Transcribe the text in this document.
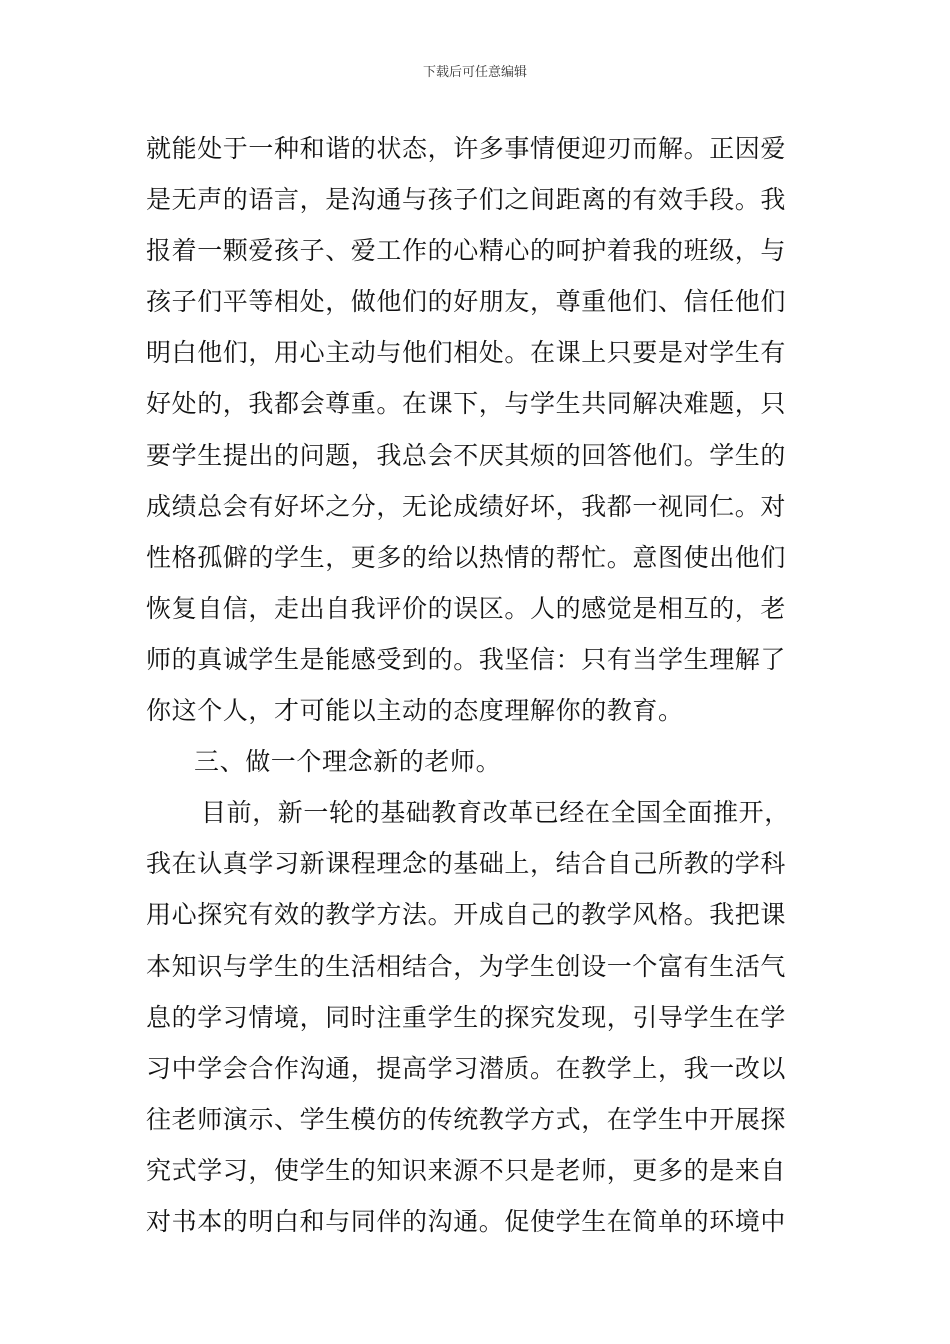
下载后可任意编辑
就能处于一种和谐的状态，许多事情便迎刃而解。正因爱
是无声的语言，是沟通与孩子们之间距离的有效手段。我
报着一颗爱孩子、爱工作的心精心的呵护着我的班级，与
孩子们平等相处，做他们的好朋友，尊重他们、信任他们
明白他们，用心主动与他们相处。在课上只要是对学生有
好处的，我都会尊重。在课下，与学生共同解决难题，只
要学生提出的问题，我总会不厌其烦的回答他们。学生的
成绩总会有好坏之分，无论成绩好坏，我都一视同仁。对
性格孤僻的学生，更多的给以热情的帮忙。意图使出他们
恢复自信，走出自我评价的误区。人的感觉是相互的，老
师的真诚学生是能感受到的。我坚信：只有当学生理解了
你这个人，才可能以主动的态度理解你的教育。
三、做一个理念新的老师。
目前，新一轮的基础教育改革已经在全国全面推开，
我在认真学习新课程理念的基础上，结合自己所教的学科
用心探究有效的教学方法。开成自己的教学风格。我把课
本知识与学生的生活相结合，为学生创设一个富有生活气
息的学习情境，同时注重学生的探究发现，引导学生在学
习中学会合作沟通，提高学习潜质。在教学上，我一改以
往老师演示、学生模仿的传统教学方式，在学生中开展探
究式学习，使学生的知识来源不只是老师，更多的是来自
对书本的明白和与同伴的沟通。促使学生在简单的环境中
